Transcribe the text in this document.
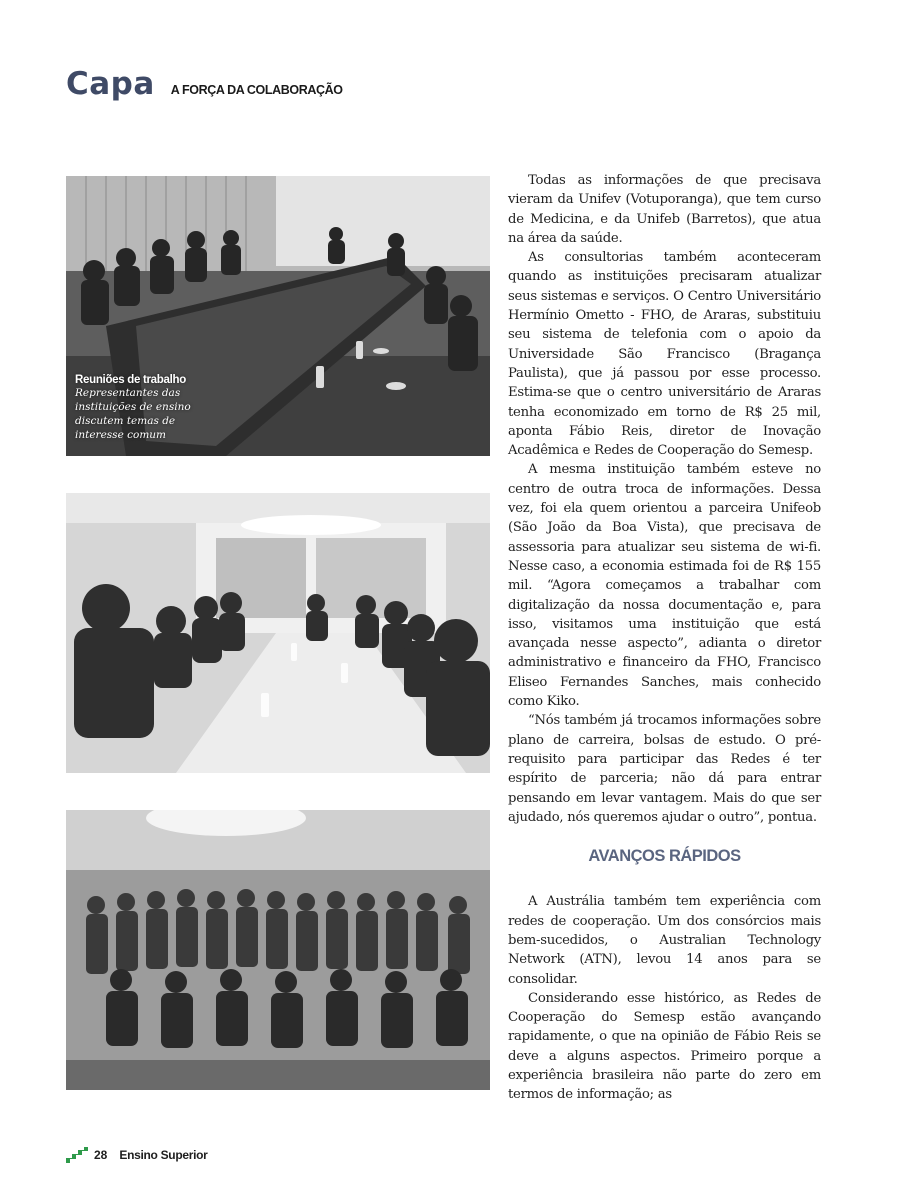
Capa A FORÇA DA COLABORAÇÃO
Reuniões de trabalho
Representantes das instituições de ensino discutem temas de interesse comum

Todas as informações de que precisava vieram da Unifev (Votuporanga), que tem curso de Medicina, e da Unifeb (Barretos), que atua na área da saúde.

As consultorias também aconteceram quando as instituições precisaram atualizar seus sistemas e serviços. O Centro Universitário Hermínio Ometto - FHO, de Araras, substituiu seu sistema de telefonia com o apoio da Universidade São Francisco (Bragança Paulista), que já passou por esse processo. Estima-se que o centro universitário de Araras tenha economizado em torno de R$ 25 mil, aponta Fábio Reis, diretor de Inovação Acadêmica e Redes de Cooperação do Semesp.

A mesma instituição também esteve no centro de outra troca de informações. Dessa vez, foi ela quem orientou a parceira Unifeob (São João da Boa Vista), que precisava de assessoria para atualizar seu sistema de wi-fi. Nesse caso, a economia estimada foi de R$ 155 mil. “Agora começamos a trabalhar com digitalização da nossa documentação e, para isso, visitamos uma instituição que está avançada nesse aspecto”, adianta o diretor administrativo e financeiro da FHO, Francisco Eliseo Fernandes Sanches, mais conhecido como Kiko.

“Nós também já trocamos informações sobre plano de carreira, bolsas de estudo. O pré-requisito para participar das Redes é ter espírito de parceria; não dá para entrar pensando em levar vantagem. Mais do que ser ajudado, nós queremos ajudar o outro”, pontua.

AVANÇOS RÁPIDOS

A Austrália também tem experiência com redes de cooperação. Um dos consórcios mais bem-sucedidos, o Australian Technology Network (ATN), levou 14 anos para se consolidar.

Considerando esse histórico, as Redes de Cooperação do Semesp estão avançando rapidamente, o que na opinião de Fábio Reis se deve a alguns aspectos. Primeiro porque a experiência brasileira não parte do zero em termos de informação; as

28 Ensino Superior
